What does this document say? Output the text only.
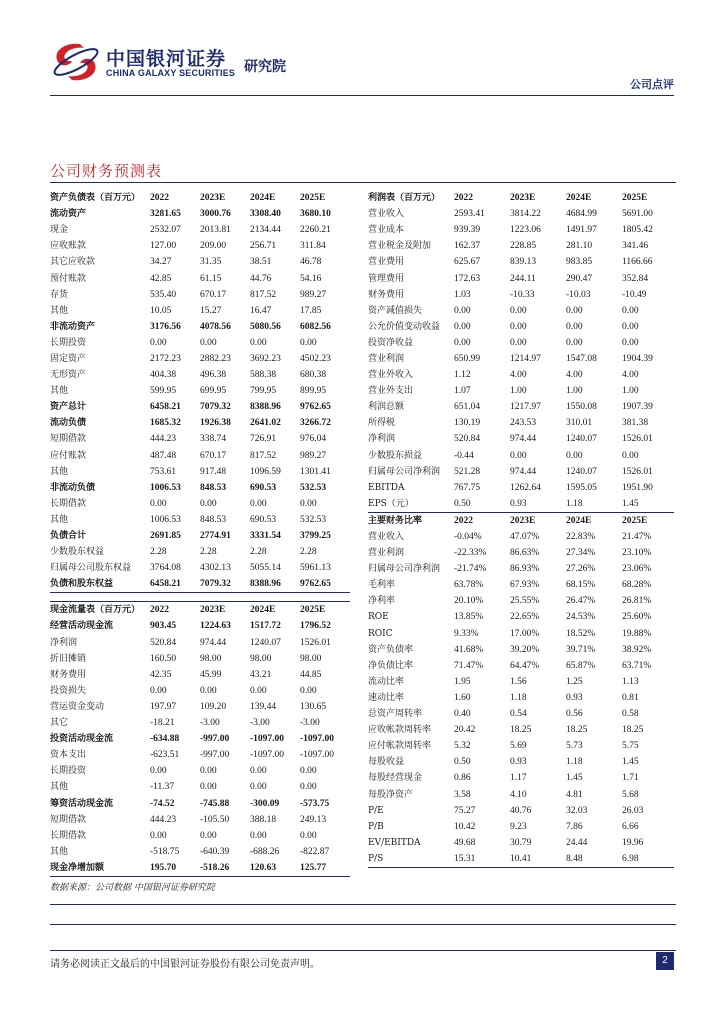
中国银河证券
CHINA GALAXY SECURITIES 研究院
公司点评
公司财务预测表
资产负债表（百万元）	2022	2023E	2024E	2025E
流动资产	3281.65	3000.76	3308.40	3680.10
现金	2532.07	2013.81	2134.44	2260.21
应收账款	127.00	209.00	256.71	311.84
其它应收款	34.27	31.35	38.51	46.78
预付账款	42.85	61.15	44.76	54.16
存货	535.40	670.17	817.52	989.27
其他	10.05	15.27	16.47	17.85
非流动资产	3176.56	4078.56	5080.56	6082.56
长期投资	0.00	0.00	0.00	0.00
固定资产	2172.23	2882.23	3692.23	4502.23
无形资产	404.38	496.38	588.38	680.38
其他	599.95	699.95	799.95	899.95
资产总计	6458.21	7079.32	8388.96	9762.65
流动负债	1685.32	1926.38	2641.02	3266.72
短期借款	444.23	338.74	726.91	976.04
应付账款	487.48	670.17	817.52	989.27
其他	753.61	917.48	1096.59	1301.41
非流动负债	1006.53	848.53	690.53	532.53
长期借款	0.00	0.00	0.00	0.00
其他	1006.53	848.53	690.53	532.53
负债合计	2691.85	2774.91	3331.54	3799.25
少数股东权益	2.28	2.28	2.28	2.28
归属母公司股东权益	3764.08	4302.13	5055.14	5961.13
负债和股东权益	6458.21	7079.32	8388.96	9762.65

现金流量表（百万元）	2022	2023E	2024E	2025E
经营活动现金流	903.45	1224.63	1517.72	1796.52
净利润	520.84	974.44	1240.07	1526.01
折旧摊销	160.50	98.00	98.00	98.00
财务费用	42.35	45.99	43.21	44.85
投资损失	0.00	0.00	0.00	0.00
营运资金变动	197.97	109.20	139.44	130.65
其它	-18.21	-3.00	-3.00	-3.00
投资活动现金流	-634.88	-997.00	-1097.00	-1097.00
资本支出	-623.51	-997.00	-1097.00	-1097.00
长期投资	0.00	0.00	0.00	0.00
其他	-11.37	0.00	0.00	0.00
筹资活动现金流	-74.52	-745.88	-300.09	-573.75
短期借款	444.23	-105.50	388.18	249.13
长期借款	0.00	0.00	0.00	0.00
其他	-518.75	-640.39	-688.26	-822.87
现金净增加额	195.70	-518.26	120.63	125.77
利润表（百万元）	2022	2023E	2024E	2025E
营业收入	2593.41	3814.22	4684.99	5691.00
营业成本	939.39	1223.06	1491.97	1805.42
营业税金及附加	162.37	228.85	281.10	341.46
营业费用	625.67	839.13	983.85	1166.66
管理费用	172.63	244.11	290.47	352.84
财务费用	1.03	-10.33	-10.03	-10.49
资产减值损失	0.00	0.00	0.00	0.00
公允价值变动收益	0.00	0.00	0.00	0.00
投资净收益	0.00	0.00	0.00	0.00
营业利润	650.99	1214.97	1547.08	1904.39
营业外收入	1.12	4.00	4.00	4.00
营业外支出	1.07	1.00	1.00	1.00
利润总额	651.04	1217.97	1550.08	1907.39
所得税	130.19	243.53	310.01	381.38
净利润	520.84	974.44	1240.07	1526.01
少数股东损益	-0.44	0.00	0.00	0.00
归属母公司净利润	521.28	974.44	1240.07	1526.01
EBITDA	767.75	1262.64	1595.05	1951.90
EPS（元）	0.50	0.93	1.18	1.45
主要财务比率	2022	2023E	2024E	2025E
营业收入	-0.04%	47.07%	22.83%	21.47%
营业利润	-22.33%	86.63%	27.34%	23.10%
归属母公司净利润	-21.74%	86.93%	27.26%	23.06%
毛利率	63.78%	67.93%	68.15%	68.28%
净利率	20.10%	25.55%	26.47%	26.81%
ROE	13.85%	22.65%	24.53%	25.60%
ROIC	9.33%	17.00%	18.52%	19.88%
资产负债率	41.68%	39.20%	39.71%	38.92%
净负债比率	71.47%	64.47%	65.87%	63.71%
流动比率	1.95	1.56	1.25	1.13
速动比率	1.60	1.18	0.93	0.81
总资产周转率	0.40	0.54	0.56	0.58
应收帐款周转率	20.42	18.25	18.25	18.25
应付帐款周转率	5.32	5.69	5.73	5.75
每股收益	0.50	0.93	1.18	1.45
每股经营现金	0.86	1.17	1.45	1.71
每股净资产	3.58	4.10	4.81	5.68
P/E	75.27	40.76	32.03	26.03
P/B	10.42	9.23	7.86	6.66
EV/EBITDA	49.68	30.79	24.44	19.96
P/S	15.31	10.41	8.48	6.98
数据来源：公司数据 中国银河证券研究院
请务必阅读正文最后的中国银河证券股份有限公司免责声明。	2
